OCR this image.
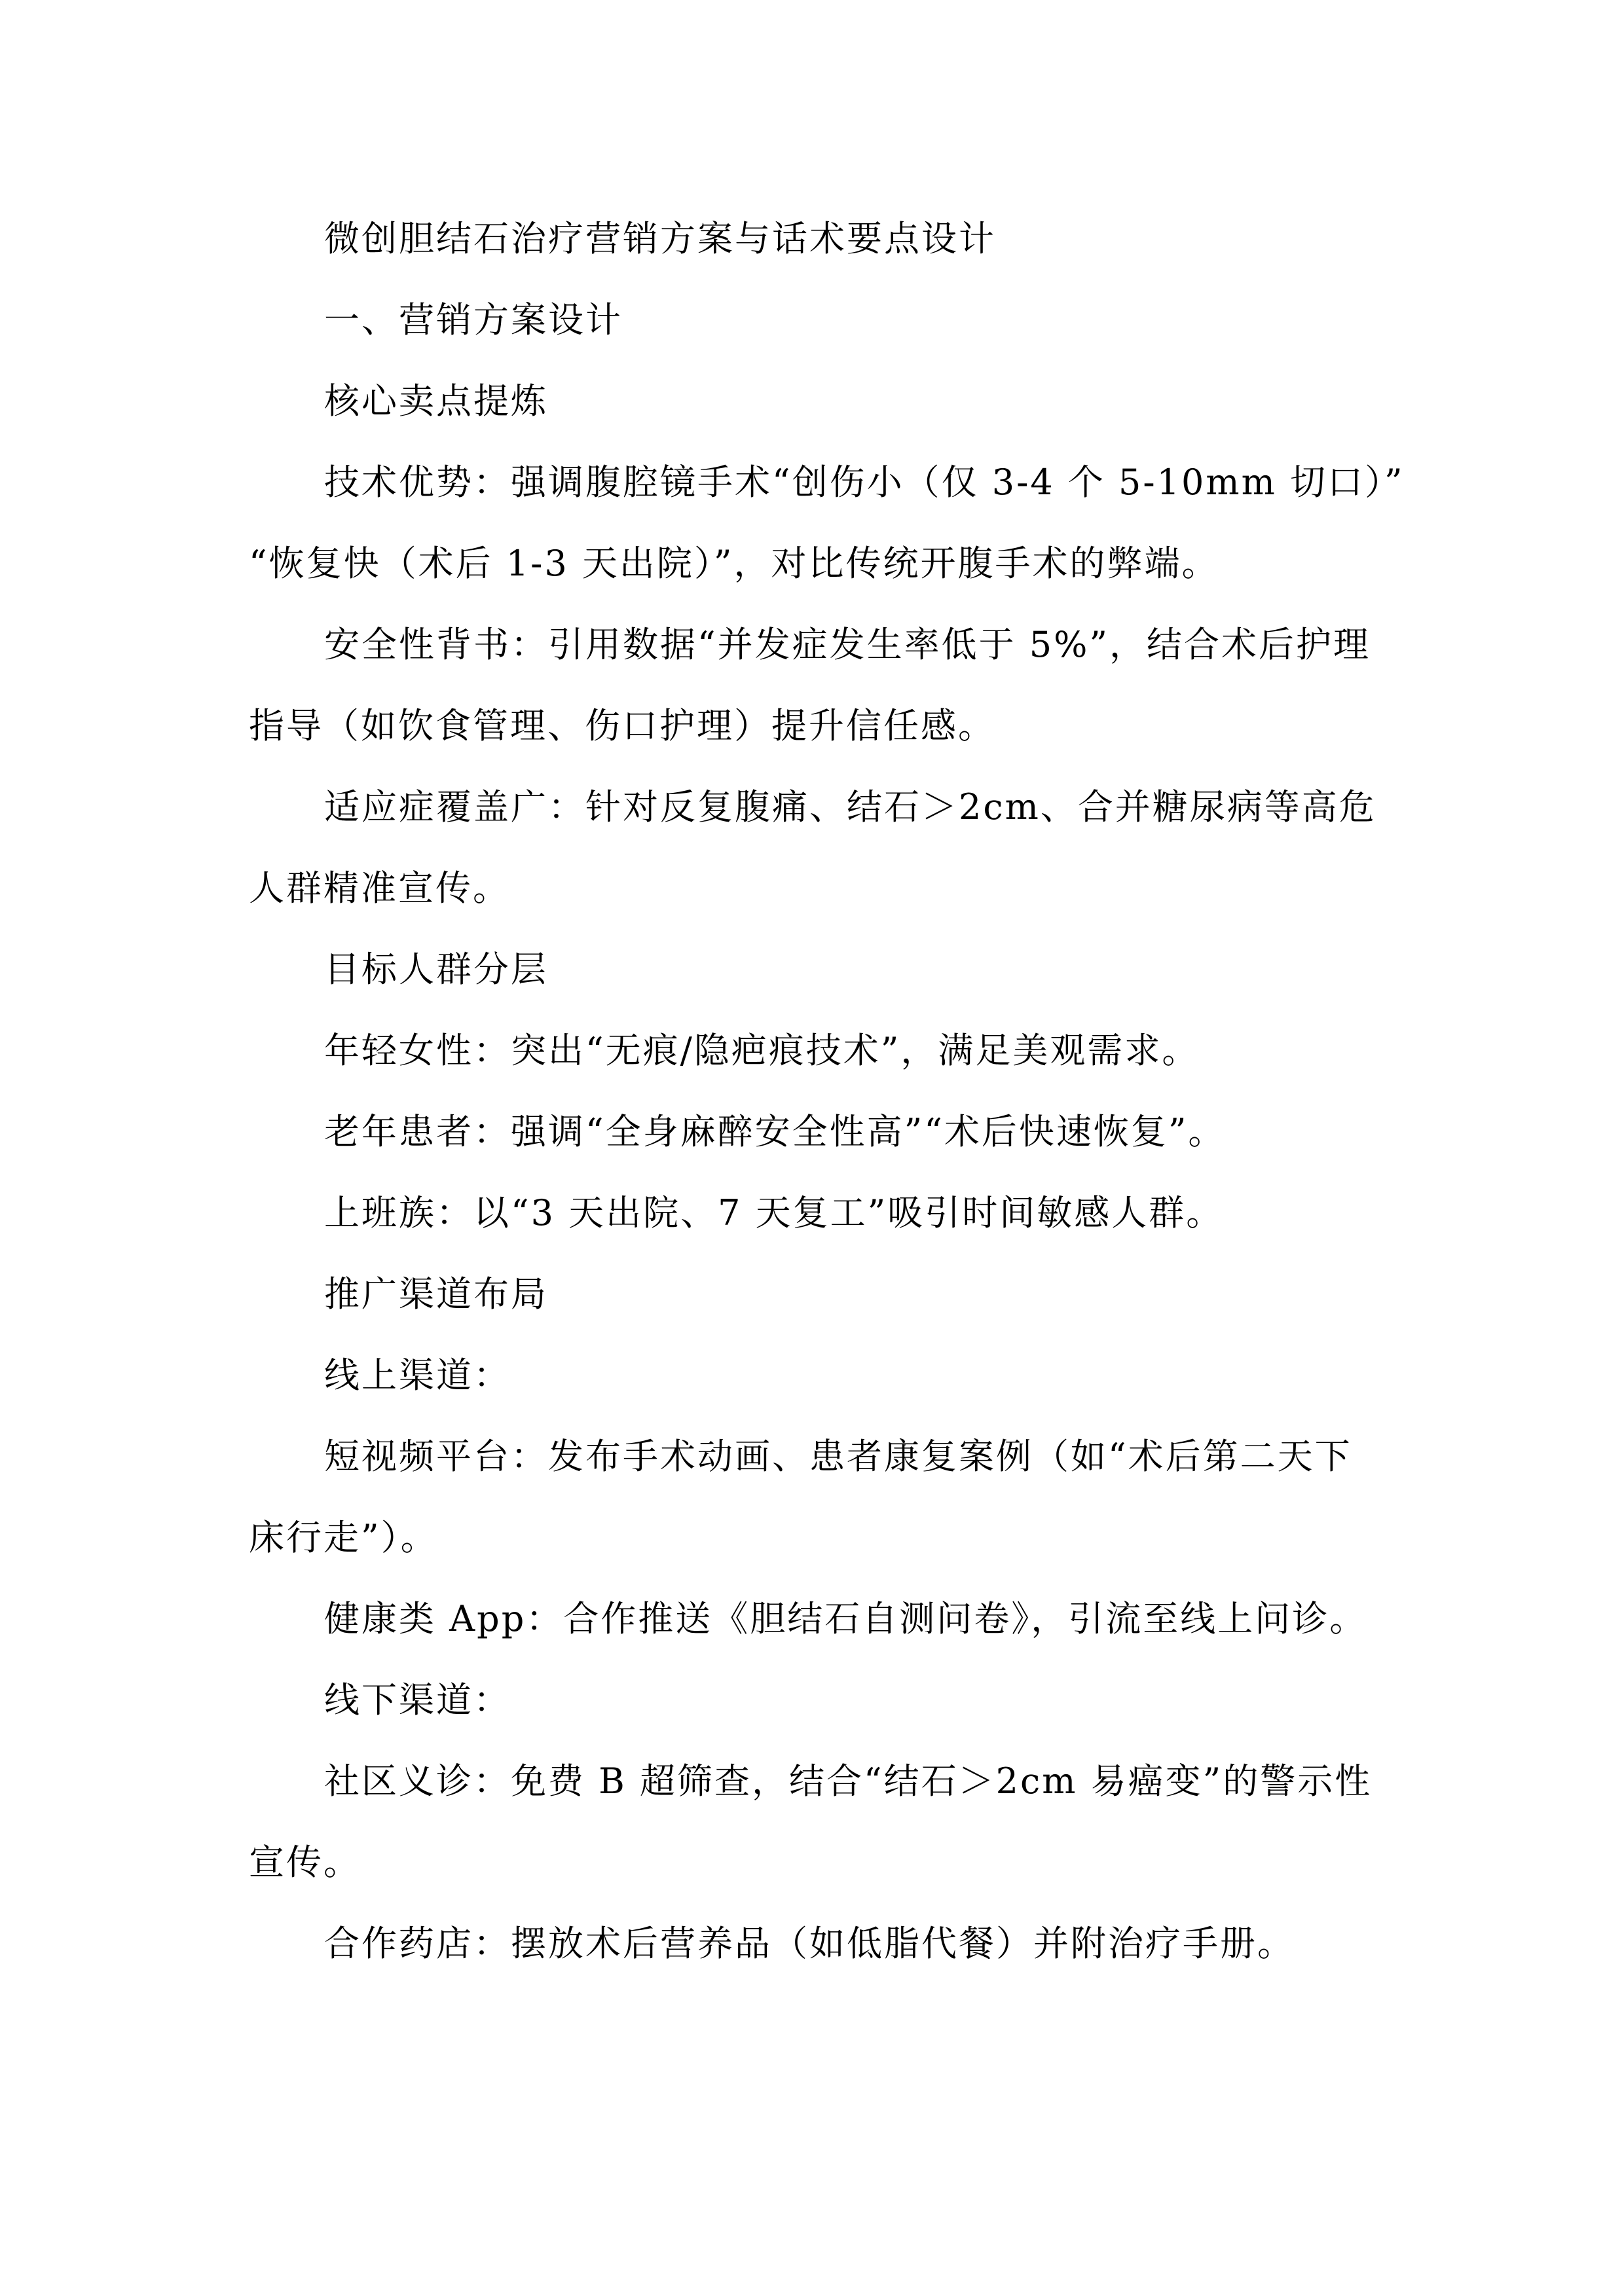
微创胆结石治疗营销方案与话术要点设计
一、营销方案设计
核心卖点提炼
技术优势：强调腹腔镜手术“创伤小（仅 3-4 个 5-10mm 切口）”
“恢复快（术后 1-3 天出院）”，对比传统开腹手术的弊端。
安全性背书：引用数据“并发症发生率低于 5%”，结合术后护理
指导（如饮食管理、伤口护理）提升信任感。
适应症覆盖广：针对反复腹痛、结石＞2cm、合并糖尿病等高危
人群精准宣传。
目标人群分层
年轻女性：突出“无痕/隐疤痕技术”，满足美观需求。
老年患者：强调“全身麻醉安全性高”“术后快速恢复”。
上班族：以“3 天出院、7 天复工”吸引时间敏感人群。
推广渠道布局
线上渠道：
短视频平台：发布手术动画、患者康复案例（如“术后第二天下
床行走”）。
健康类 App：合作推送《胆结石自测问卷》，引流至线上问诊。
线下渠道：
社区义诊：免费 B 超筛查，结合“结石＞2cm 易癌变”的警示性
宣传。
合作药店：摆放术后营养品（如低脂代餐）并附治疗手册。
